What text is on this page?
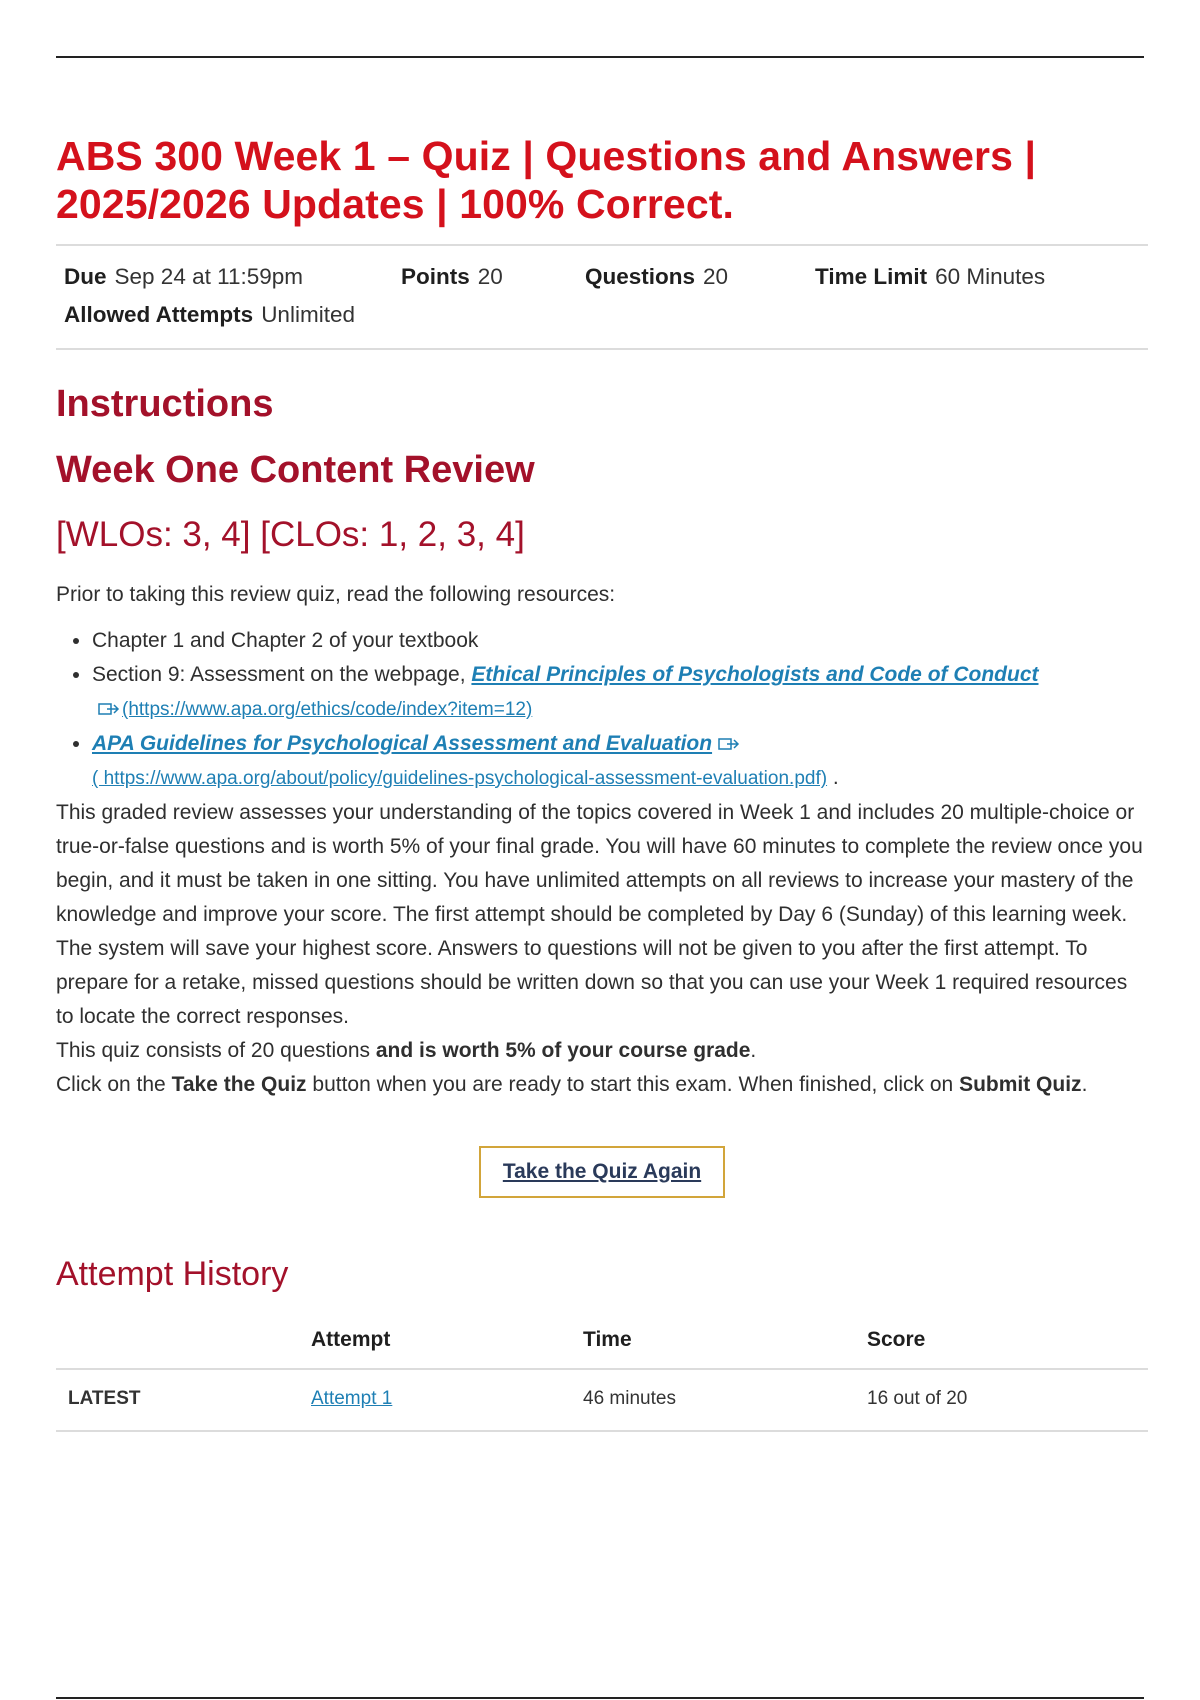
ABS 300 Week 1 – Quiz | Questions and Answers | 2025/2026 Updates | 100% Correct.
Due Sep 24 at 11:59pm	Points 20	Questions 20	Time Limit 60 Minutes
Allowed Attempts Unlimited
Instructions
Week One Content Review
[WLOs: 3, 4] [CLOs: 1, 2, 3, 4]

Prior to taking this review quiz, read the following resources:

• Chapter 1 and Chapter 2 of your textbook
• Section 9: Assessment on the webpage, Ethical Principles of Psychologists and Code of Conduct
(https://www.apa.org/ethics/code/index?item=12)
• APA Guidelines for Psychological Assessment and Evaluation
( https://www.apa.org/about/policy/guidelines-psychological-assessment-evaluation.pdf) .

This graded review assesses your understanding of the topics covered in Week 1 and includes 20 multiple-choice or true-or-false questions and is worth 5% of your final grade. You will have 60 minutes to complete the review once you begin, and it must be taken in one sitting. You have unlimited attempts on all reviews to increase your mastery of the knowledge and improve your score. The first attempt should be completed by Day 6 (Sunday) of this learning week.

The system will save your highest score. Answers to questions will not be given to you after the first attempt. To prepare for a retake, missed questions should be written down so that you can use your Week 1 required resources to locate the correct responses.

This quiz consists of 20 questions and is worth 5% of your course grade.

Click on the Take the Quiz button when you are ready to start this exam. When finished, click on Submit Quiz.

Take the Quiz Again
Attempt History
	Attempt	Time	Score
LATEST	Attempt 1	46 minutes	16 out of 20
